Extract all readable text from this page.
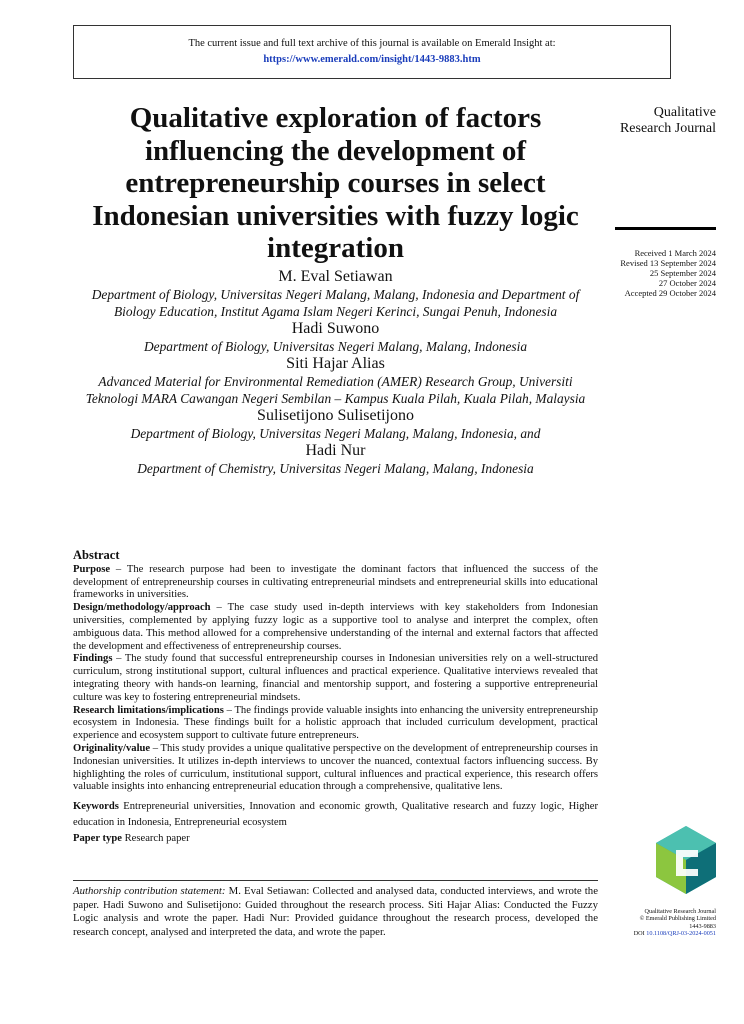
The current issue and full text archive of this journal is available on Emerald Insight at:
https://www.emerald.com/insight/1443-9883.htm
Qualitative exploration of factors influencing the development of entrepreneurship courses in select Indonesian universities with fuzzy logic integration
Qualitative
Research Journal
Received 1 March 2024
Revised 13 September 2024
25 September 2024
27 October 2024
Accepted 29 October 2024
M. Eval Setiawan
Department of Biology, Universitas Negeri Malang, Malang, Indonesia and Department of Biology Education, Institut Agama Islam Negeri Kerinci, Sungai Penuh, Indonesia
Hadi Suwono
Department of Biology, Universitas Negeri Malang, Malang, Indonesia
Siti Hajar Alias
Advanced Material for Environmental Remediation (AMER) Research Group, Universiti Teknologi MARA Cawangan Negeri Sembilan – Kampus Kuala Pilah, Kuala Pilah, Malaysia
Sulisetijono Sulisetijono
Department of Biology, Universitas Negeri Malang, Malang, Indonesia, and
Hadi Nur
Department of Chemistry, Universitas Negeri Malang, Malang, Indonesia
Abstract

Purpose – The research purpose had been to investigate the dominant factors that influenced the success of the development of entrepreneurship courses in cultivating entrepreneurial mindsets and entrepreneurial skills into educational frameworks in universities.

Design/methodology/approach – The case study used in-depth interviews with key stakeholders from Indonesian universities, complemented by applying fuzzy logic as a supportive tool to analyse and interpret the complex, often ambiguous data. This method allowed for a comprehensive understanding of the internal and external factors that affected the development and effectiveness of entrepreneurship courses.

Findings – The study found that successful entrepreneurship courses in Indonesian universities rely on a well-structured curriculum, strong institutional support, cultural influences and practical experience. Qualitative interviews revealed that integrating theory with hands-on learning, financial and mentorship support, and fostering a supportive entrepreneurial culture was key to fostering entrepreneurial mindsets.

Research limitations/implications – The findings provide valuable insights into enhancing the university entrepreneurship ecosystem in Indonesia. These findings built for a holistic approach that included curriculum development, practical experience and ecosystem support to cultivate future entrepreneurs.

Originality/value – This study provides a unique qualitative perspective on the development of entrepreneurship courses in Indonesian universities. It utilizes in-depth interviews to uncover the nuanced, contextual factors influencing success. By highlighting the roles of curriculum, institutional support, cultural influences and practical experience, this research offers valuable insights into enhancing entrepreneurial education through a comprehensive, qualitative lens.

Keywords Entrepreneurial universities, Innovation and economic growth, Qualitative research and fuzzy logic, Higher education in Indonesia, Entrepreneurial ecosystem

Paper type Research paper

Authorship contribution statement: M. Eval Setiawan: Collected and analysed data, conducted interviews, and wrote the paper. Hadi Suwono and Sulisetijono: Guided throughout the research process. Siti Hajar Alias: Conducted the Fuzzy Logic analysis and wrote the paper. Hadi Nur: Provided guidance throughout the research process, developed the research concept, analysed and interpreted the data, and wrote the paper.
Qualitative Research Journal
© Emerald Publishing Limited
1443-9883
DOI 10.1108/QRJ-03-2024-0051
